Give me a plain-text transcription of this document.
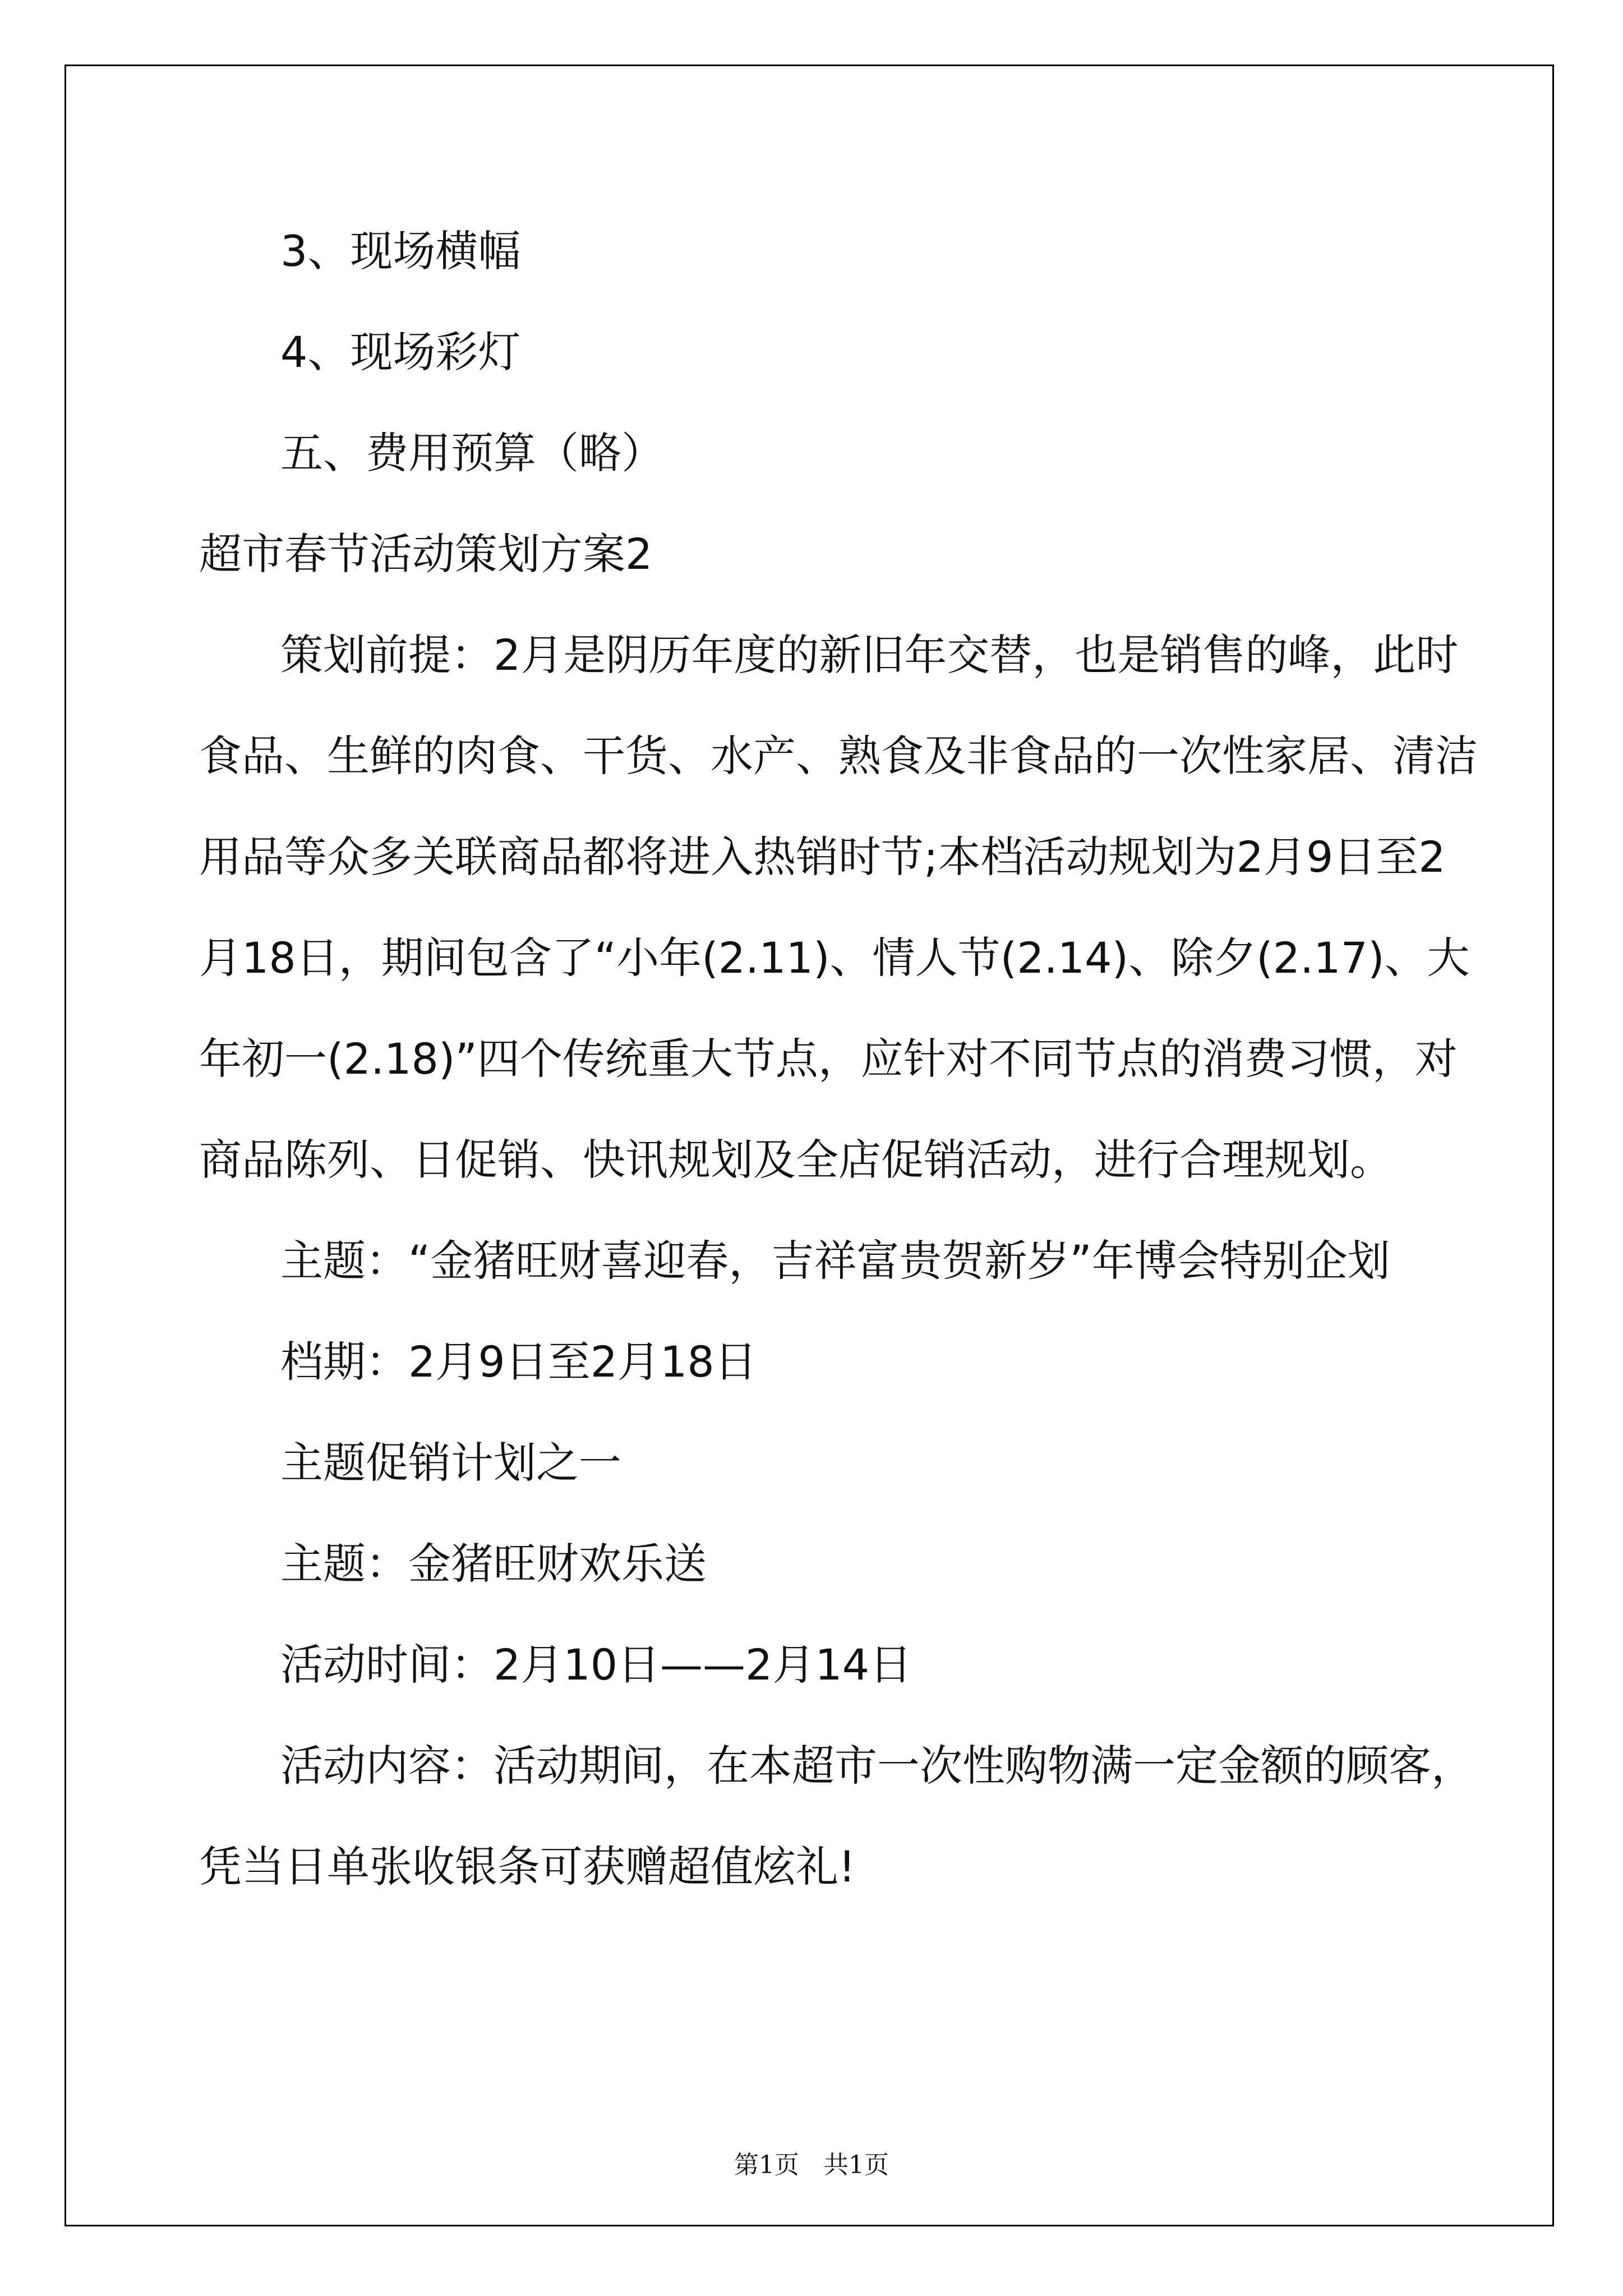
3、现场横幅
4、现场彩灯
五、费用预算（略）
超市春节活动策划方案2
策划前提：2月是阴历年度的新旧年交替，也是销售的峰，此时
食品、生鲜的肉食、干货、水产、熟食及非食品的一次性家居、清洁
用品等众多关联商品都将进入热销时节;本档活动规划为2月9日至2
月18日，期间包含了“小年(2.11)、情人节(2.14)、除夕(2.17)、大
年初一(2.18)”四个传统重大节点，应针对不同节点的消费习惯，对
商品陈列、日促销、快讯规划及全店促销活动，进行合理规划。
主题：“金猪旺财喜迎春，吉祥富贵贺新岁”年博会特别企划
档期：2月9日至2月18日
主题促销计划之一
主题：金猪旺财欢乐送
活动时间：2月10日——2月14日
活动内容：活动期间，在本超市一次性购物满一定金额的顾客，
凭当日单张收银条可获赠超值炫礼!
第1页　共1页
